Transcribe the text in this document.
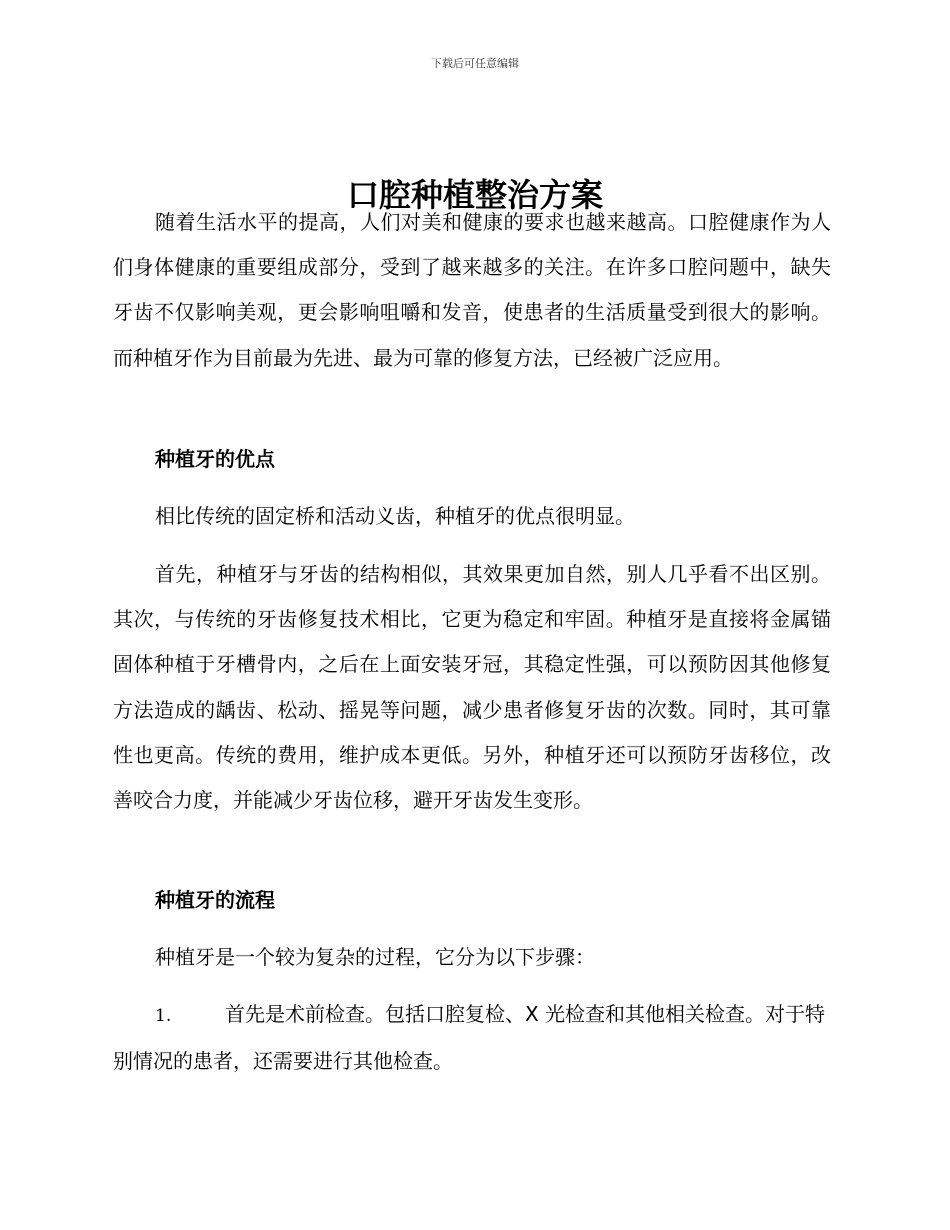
下载后可任意编辑
口腔种植整治方案

随着生活水平的提高，人们对美和健康的要求也越来越高。口腔健康作为人们身体健康的重要组成部分，受到了越来越多的关注。在许多口腔问题中，缺失牙齿不仅影响美观，更会影响咀嚼和发音，使患者的生活质量受到很大的影响。而种植牙作为目前最为先进、最为可靠的修复方法，已经被广泛应用。

种植牙的优点

相比传统的固定桥和活动义齿，种植牙的优点很明显。

首先，种植牙与牙齿的结构相似，其效果更加自然，别人几乎看不出区别。其次，与传统的牙齿修复技术相比，它更为稳定和牢固。种植牙是直接将金属锚固体种植于牙槽骨内，之后在上面安装牙冠，其稳定性强，可以预防因其他修复方法造成的龋齿、松动、摇晃等问题，减少患者修复牙齿的次数。同时，其可靠性也更高。传统的费用，维护成本更低。另外，种植牙还可以预防牙齿移位，改善咬合力度，并能减少牙齿位移，避开牙齿发生变形。

种植牙的流程

种植牙是一个较为复杂的过程，它分为以下步骤：

1.	首先是术前检查。包括口腔复检、X 光检查和其他相关检查。对于特别情况的患者，还需要进行其他检查。
